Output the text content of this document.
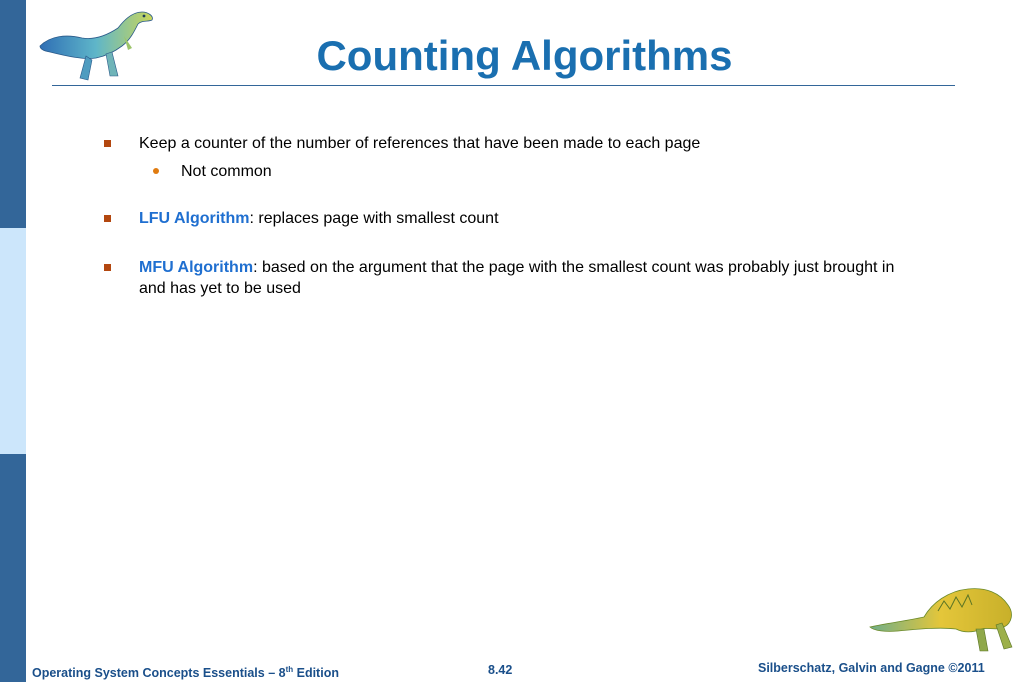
Counting Algorithms
Keep a counter of the number of references that have been made to each page
Not common
LFU Algorithm: replaces page with smallest count
MFU Algorithm: based on the argument that the page with the smallest count was probably just brought in
and has yet to be used
Operating System Concepts Essentials – 8th Edition	8.42	Silberschatz, Galvin and Gagne ©2011
